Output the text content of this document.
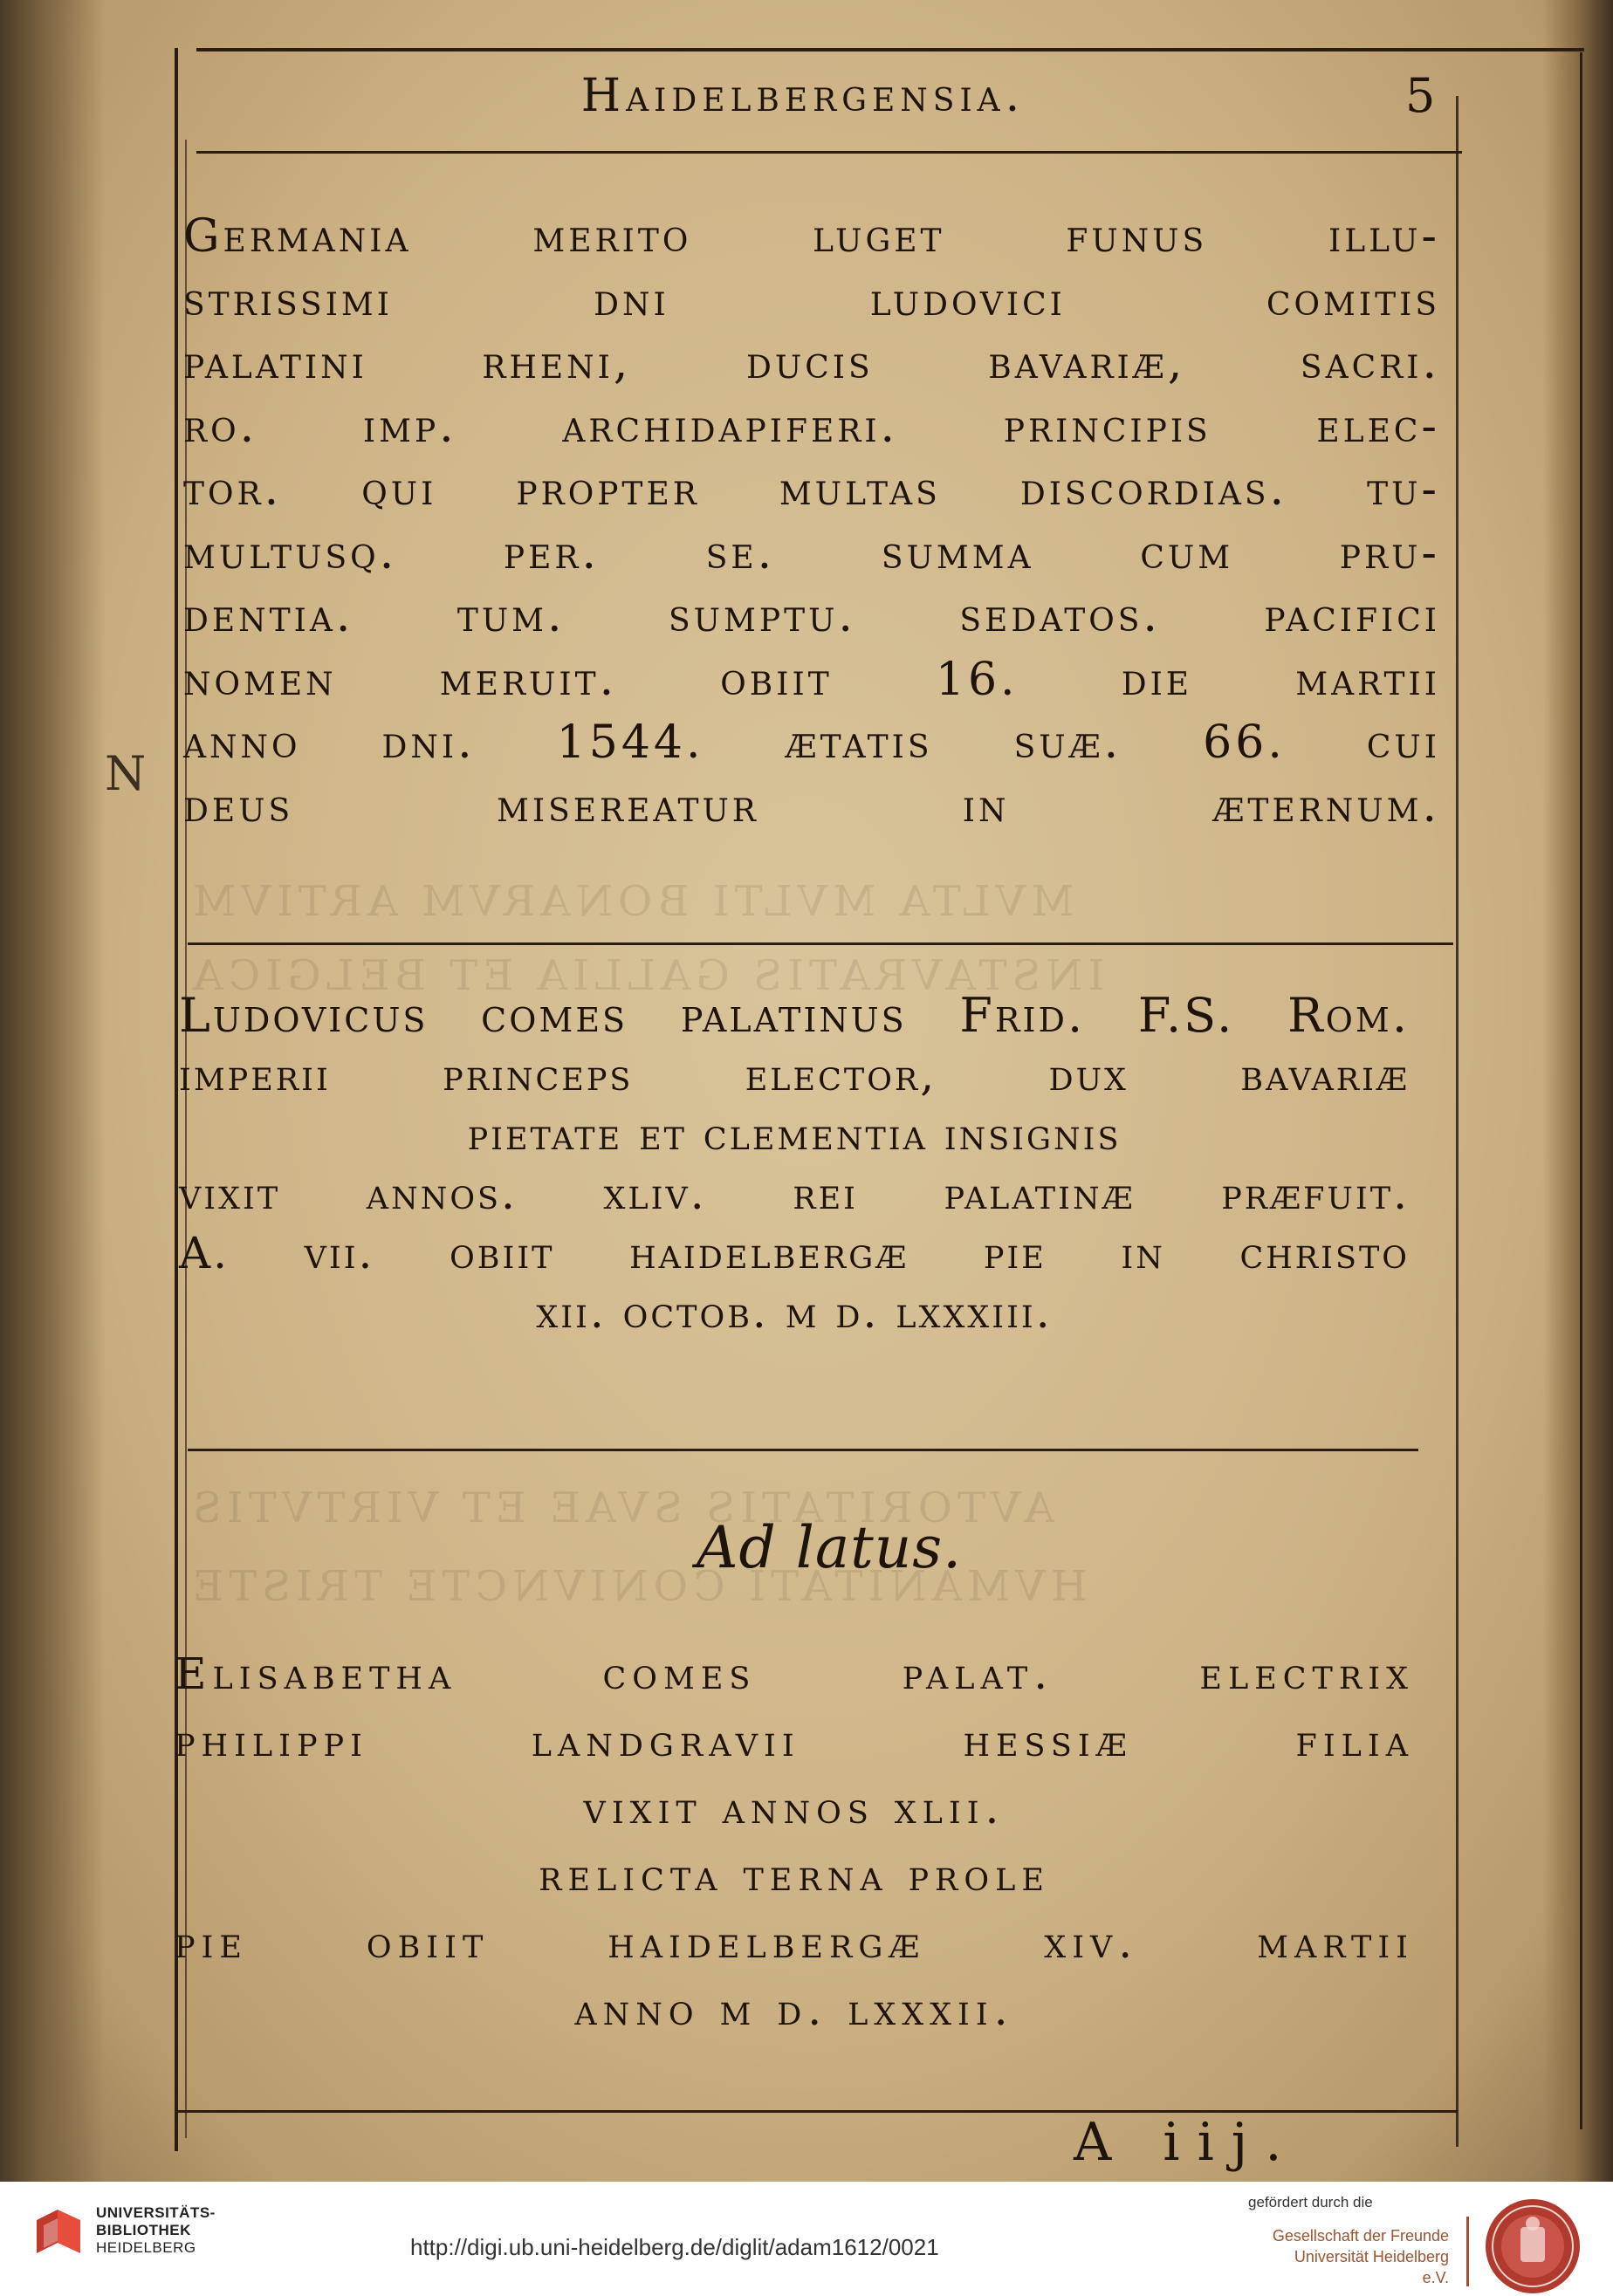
MVLTA MVLTI BONARVM ARTIVM
INSTAVRATIS GALLIA ET BELGICA
AVTORITATIS SVAE ET VIRTVTIS
HVMANITATI CONIVNCTE TRISTE
Haidelbergensia.	5
N
Germania merito luget funus illu-
strissimi dni ludovici comitis
palatini rheni, ducis bavariæ, sacri.
ro. imp. archidapiferi. principis elec-
tor. qui propter multas discordias. tu-
multusq. per. se. summa cum pru-
dentia. tum. sumptu. sedatos. pacifici
nomen meruit. obiit 16. die martii
anno dni. 1544. ætatis suæ. 66. cui
deus misereatur in æternum.
Ludovicus comes palatinus Frid. F.S. Rom.
imperii princeps elector, dux bavariæ
pietate et clementia insignis
vixit annos. xliv. rei palatinæ præfuit.
A. vii. obiit haidelbergæ pie in christo
xii. octob. m d. lxxxiii.
Ad latus.
Elisabetha comes palat. electrix
philippi landgravii hessiæ filia
vixit annos xlii.
relicta terna prole
pie obiit haidelbergæ xiv. martii
anno m d. lxxxii.
A iij.
UNIVERSITÄTS-
BIBLIOTHEK
HEIDELBERG	http://digi.ub.uni-heidelberg.de/diglit/adam1612/0021
gefördert durch die
Gesellschaft der Freunde
Universität Heidelberg e.V.
